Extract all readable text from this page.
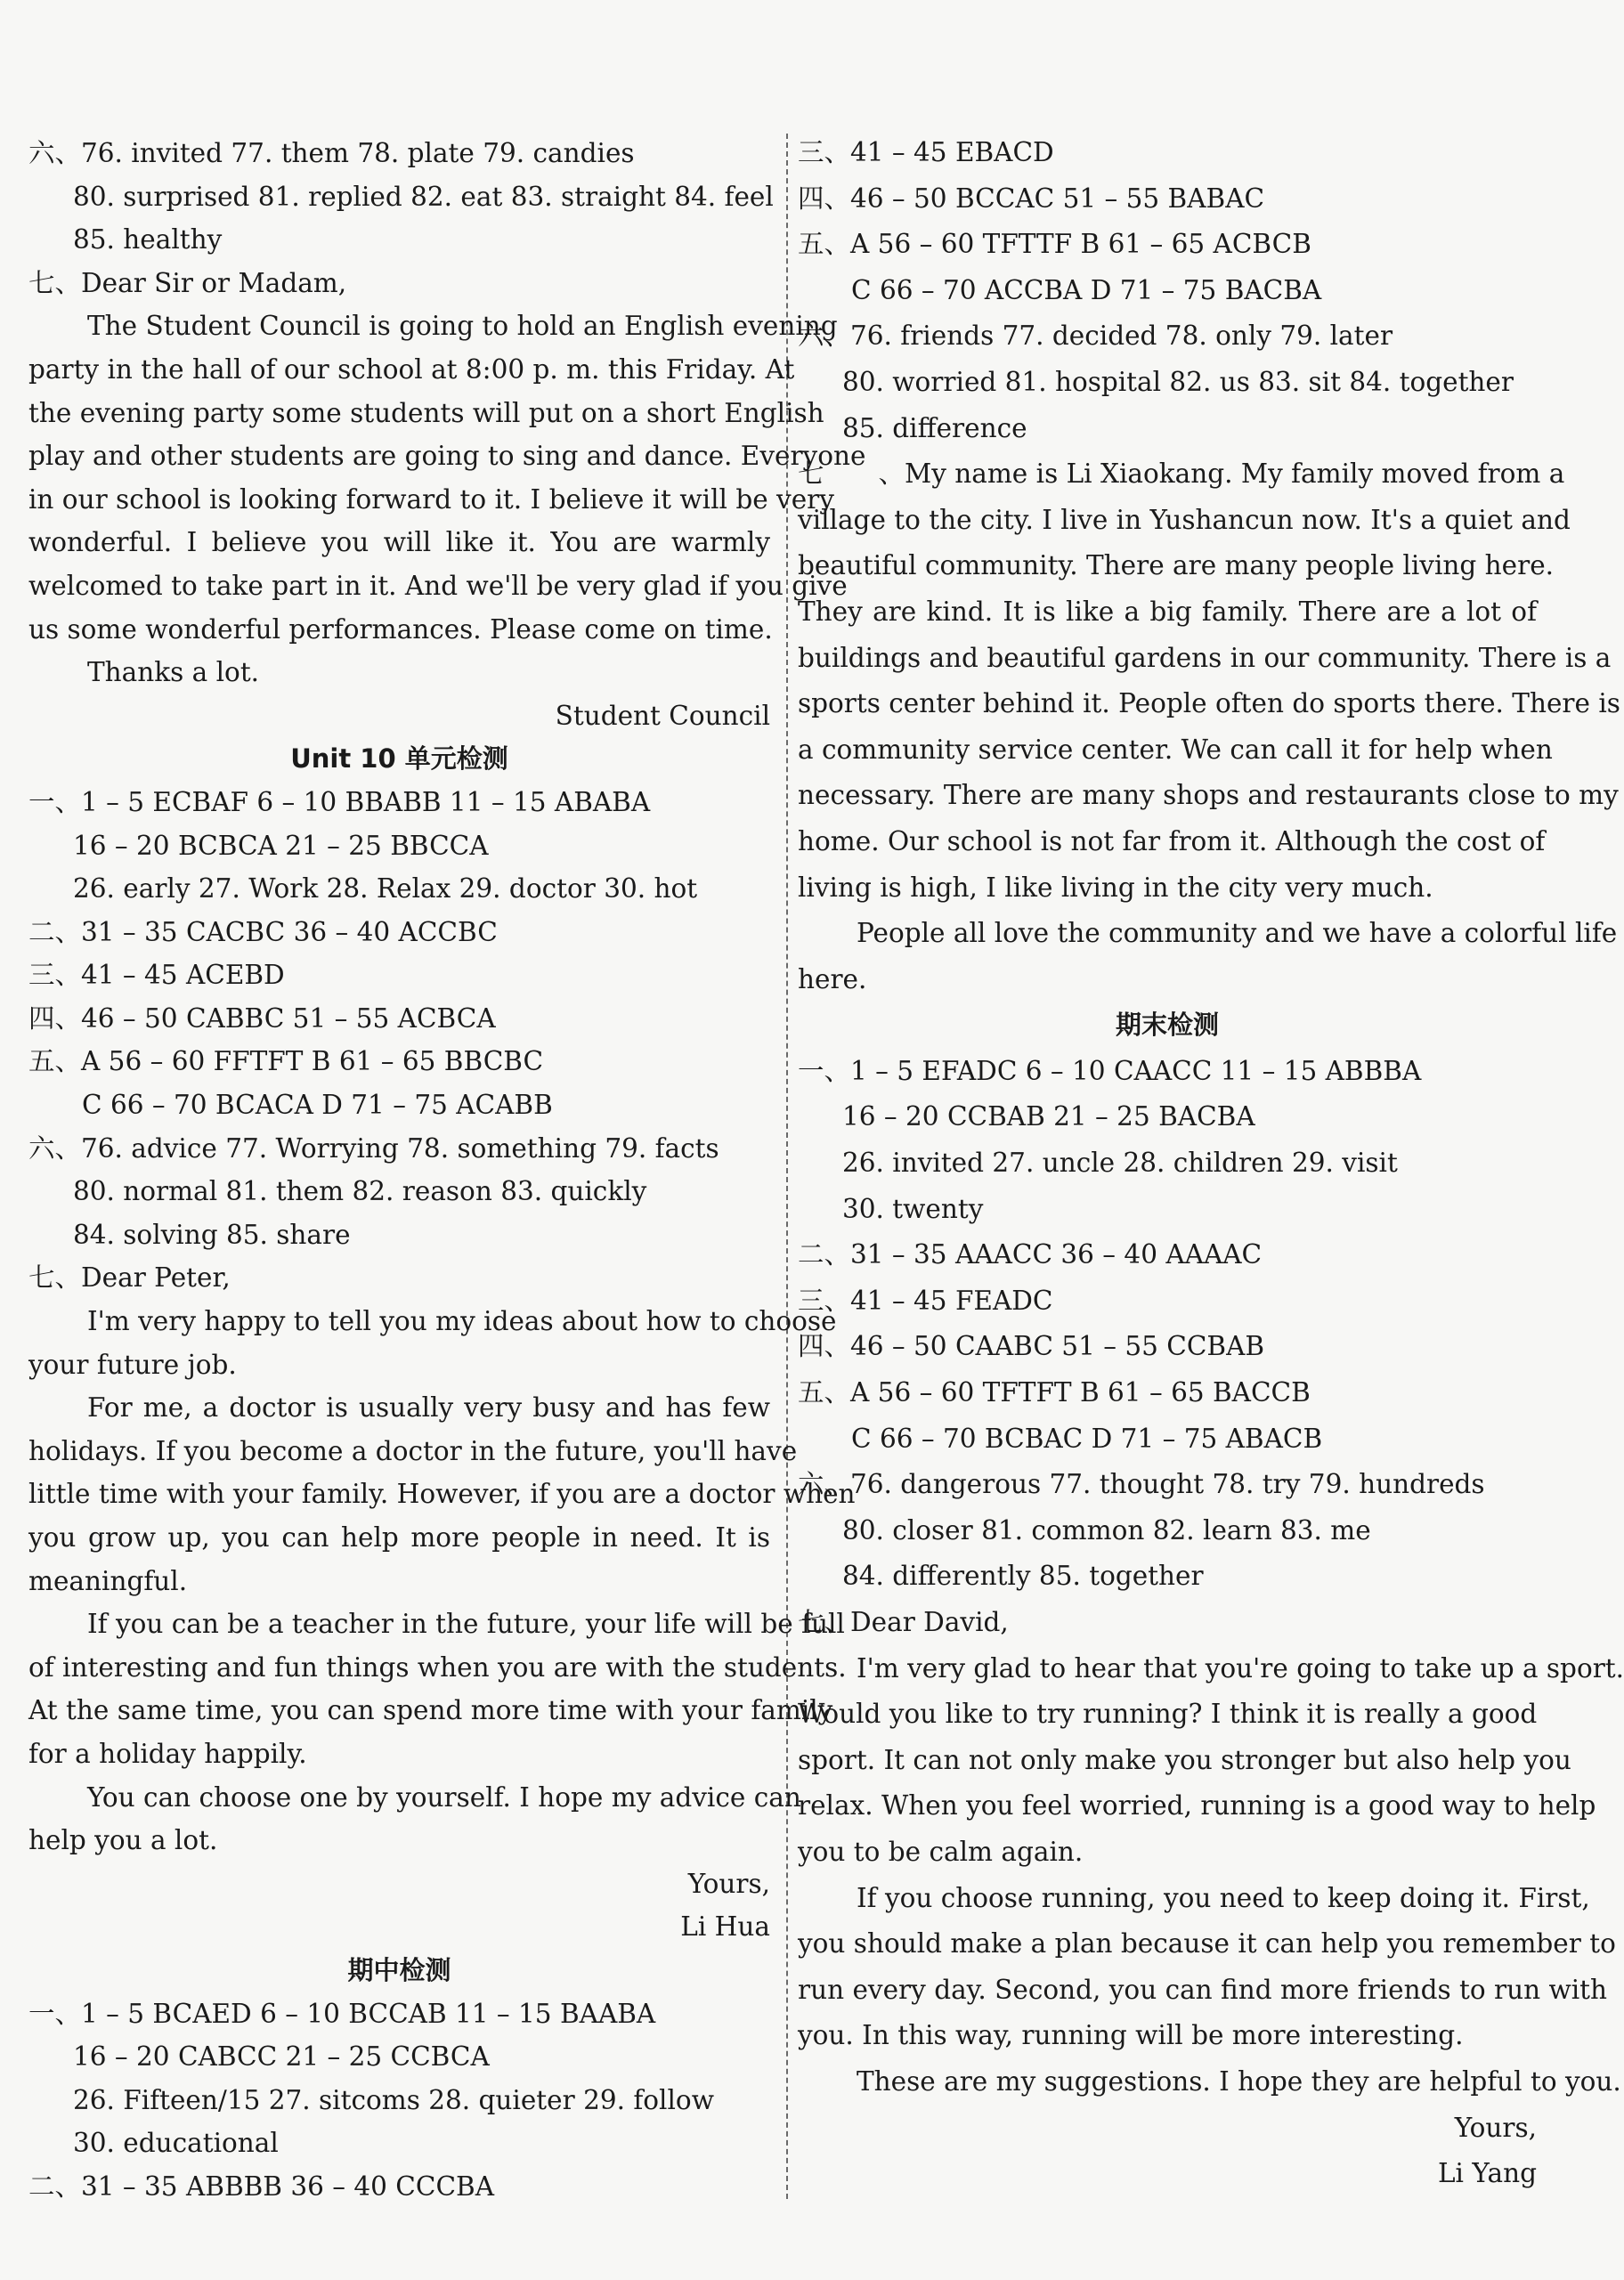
六、76. invited 77. them 78. plate 79. candies
80. surprised 81. replied 82. eat 83. straight 84. feel
85. healthy
七、Dear Sir or Madam,
The Student Council is going to hold an English evening
party in the hall of our school at 8:00 p. m. this Friday. At
the evening party some students will put on a short English
play and other students are going to sing and dance. Everyone
in our school is looking forward to it. I believe it will be very
wonderful. I believe you will like it. You are warmly
welcomed to take part in it. And we'll be very glad if you give
us some wonderful performances. Please come on time.
Thanks a lot.
Student Council
Unit 10 单元检测
一、1 – 5 ECBAF 6 – 10 BBABB 11 – 15 ABABA
16 – 20 BCBCA 21 – 25 BBCCA
26. early 27. Work 28. Relax 29. doctor 30. hot
二、31 – 35 CACBC 36 – 40 ACCBC
三、41 – 45 ACEBD
四、46 – 50 CABBC 51 – 55 ACBCA
五、A 56 – 60 FFTFT B 61 – 65 BBCBC
C 66 – 70 BCACA D 71 – 75 ACABB
六、76. advice 77. Worrying 78. something 79. facts
80. normal 81. them 82. reason 83. quickly
84. solving 85. share
七、Dear Peter,
I'm very happy to tell you my ideas about how to choose
your future job.
For me, a doctor is usually very busy and has few
holidays. If you become a doctor in the future, you'll have
little time with your family. However, if you are a doctor when
you grow up, you can help more people in need. It is
meaningful.
If you can be a teacher in the future, your life will be full
of interesting and fun things when you are with the students.
At the same time, you can spend more time with your family
for a holiday happily.
You can choose one by yourself. I hope my advice can
help you a lot.
Yours,
Li Hua
期中检测
一、1 – 5 BCAED 6 – 10 BCCAB 11 – 15 BAABA
16 – 20 CABCC 21 – 25 CCBCA
26. Fifteen/15 27. sitcoms 28. quieter 29. follow
30. educational
二、31 – 35 ABBBB 36 – 40 CCCBA
三、41 – 45 EBACD
四、46 – 50 BCCAC 51 – 55 BABAC
五、A 56 – 60 TFTTF B 61 – 65 ACBCB
C 66 – 70 ACCBA D 71 – 75 BACBA
六、76. friends 77. decided 78. only 79. later
80. worried 81. hospital 82. us 83. sit 84. together
85. difference
七、 My name is Li Xiaokang. My family moved from a
village to the city. I live in Yushancun now. It's a quiet and
beautiful community. There are many people living here.
They are kind. It is like a big family. There are a lot of
buildings and beautiful gardens in our community. There is a
sports center behind it. People often do sports there. There is
a community service center. We can call it for help when
necessary. There are many shops and restaurants close to my
home. Our school is not far from it. Although the cost of
living is high, I like living in the city very much.
People all love the community and we have a colorful life
here.
期末检测
一、1 – 5 EFADC 6 – 10 CAACC 11 – 15 ABBBA
16 – 20 CCBAB 21 – 25 BACBA
26. invited 27. uncle 28. children 29. visit
30. twenty
二、31 – 35 AAACC 36 – 40 AAAAC
三、41 – 45 FEADC
四、46 – 50 CAABC 51 – 55 CCBAB
五、A 56 – 60 TFTFT B 61 – 65 BACCB
C 66 – 70 BCBAC D 71 – 75 ABACB
六、76. dangerous 77. thought 78. try 79. hundreds
80. closer 81. common 82. learn 83. me
84. differently 85. together
七、Dear David,
I'm very glad to hear that you're going to take up a sport.
Would you like to try running? I think it is really a good
sport. It can not only make you stronger but also help you
relax. When you feel worried, running is a good way to help
you to be calm again.
If you choose running, you need to keep doing it. First,
you should make a plan because it can help you remember to
run every day. Second, you can find more friends to run with
you. In this way, running will be more interesting.
These are my suggestions. I hope they are helpful to you.
Yours,
Li Yang
